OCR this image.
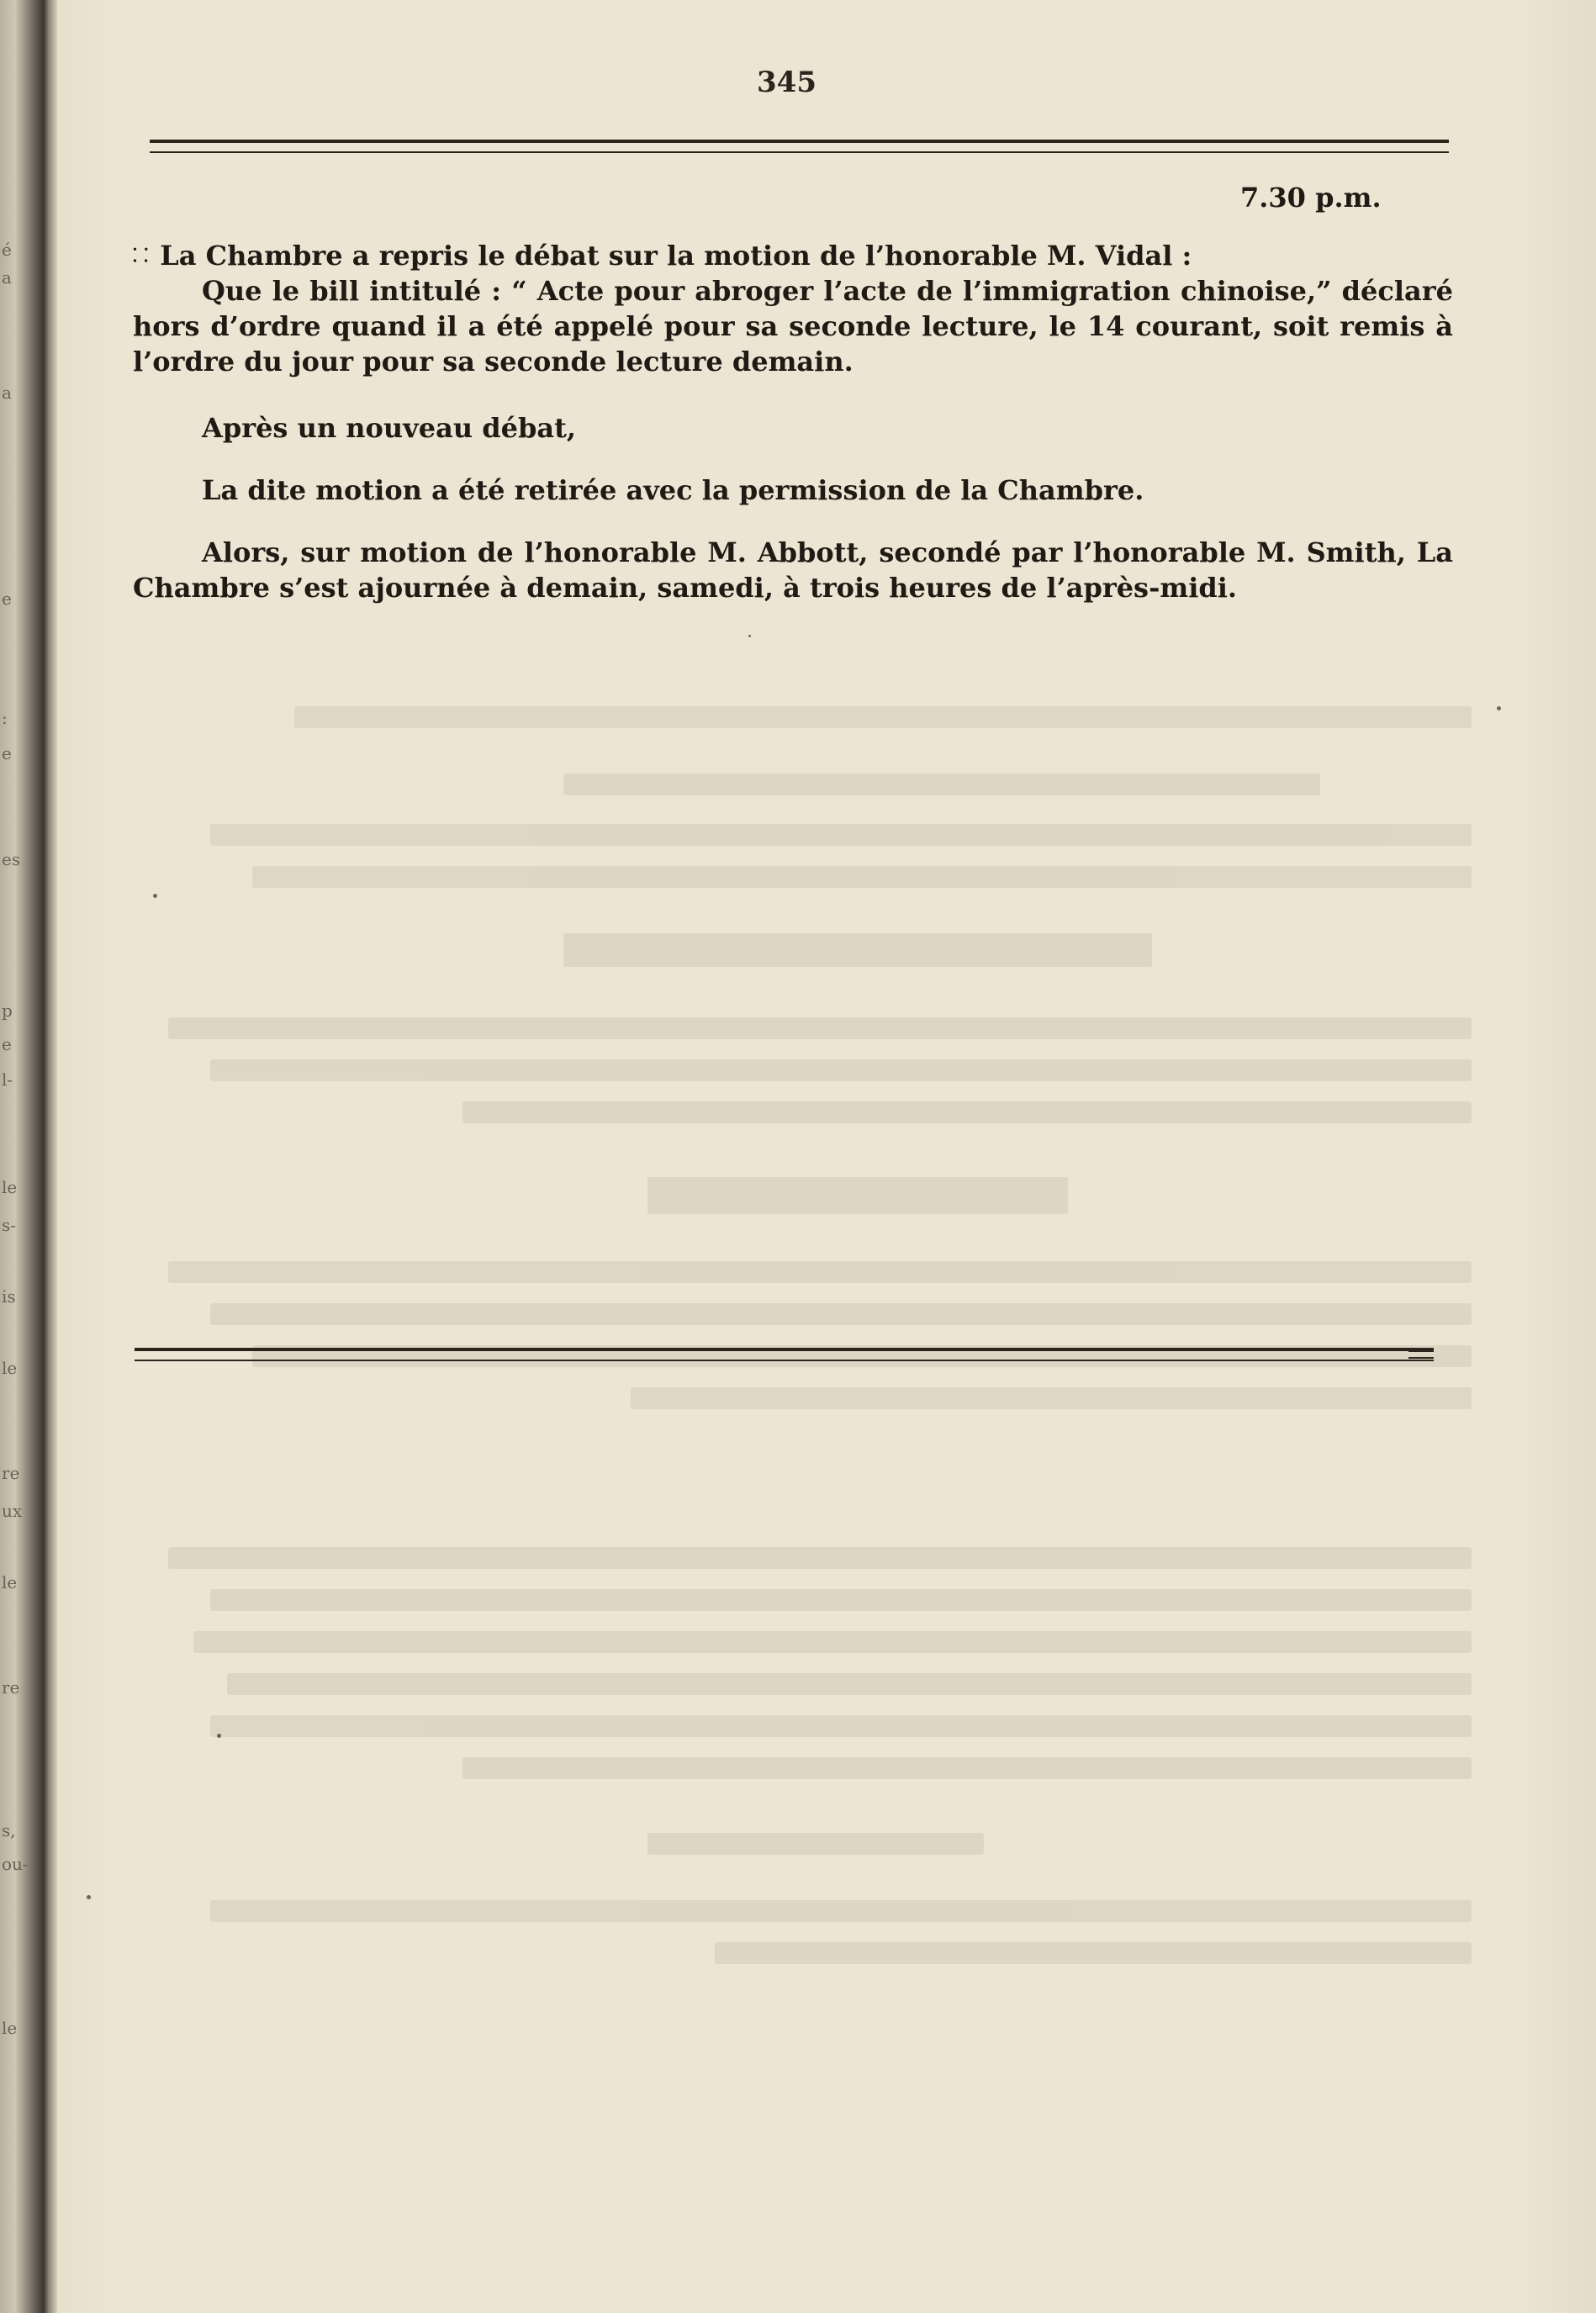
é
a
a
e
:
e
es
p
e
l-
le
s-
is
le
re
ux
le
re
s,
ou-
le
345
7.30 p.m.
⸬ La Chambre a repris le débat sur la motion de l’honorable M. Vidal :
Que le bill intitulé : “ Acte pour abroger l’acte de l’immigration chinoise,” déclaré hors d’ordre quand il a été appelé pour sa seconde lecture, le 14 courant, soit remis à l’ordre du jour pour sa seconde lecture demain.
Après un nouveau débat,
La dite motion a été retirée avec la permission de la Chambre.
Alors, sur motion de l’honorable M. Abbott, secondé par l’honorable M. Smith, La Chambre s’est ajournée à demain, samedi, à trois heures de l’après-midi.
